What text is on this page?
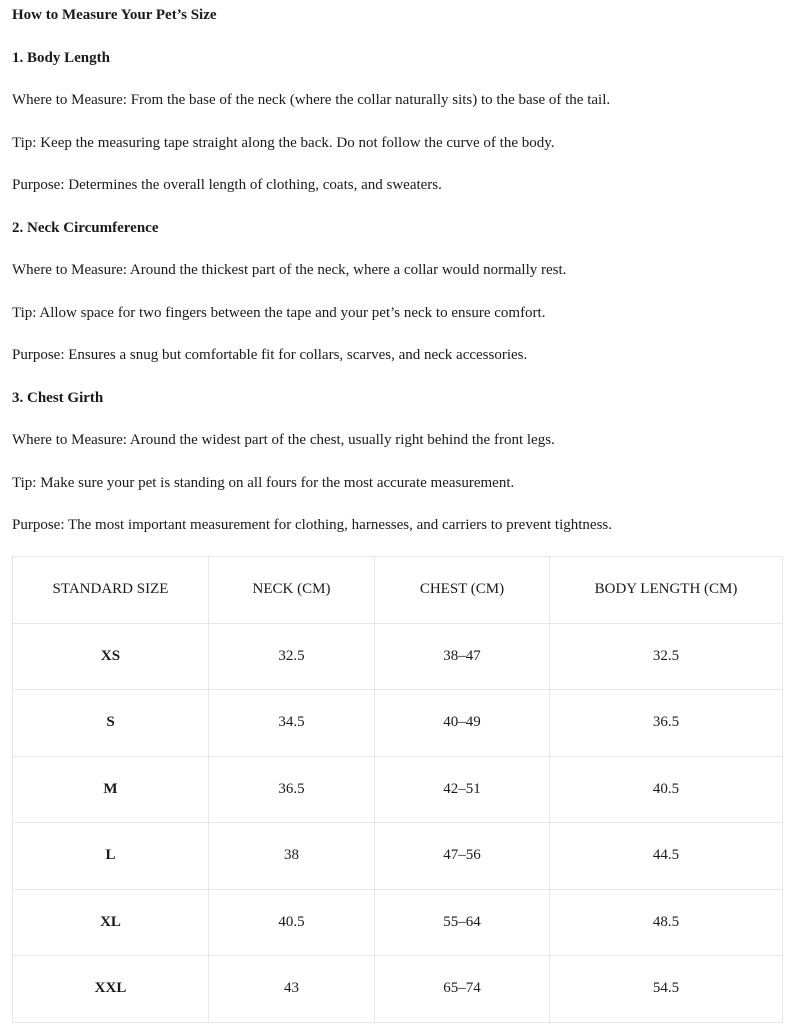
How to Measure Your Pet’s Size

1. Body Length

Where to Measure: From the base of the neck (where the collar naturally sits) to the base of the tail.

Tip: Keep the measuring tape straight along the back. Do not follow the curve of the body.

Purpose: Determines the overall length of clothing, coats, and sweaters.

2. Neck Circumference

Where to Measure: Around the thickest part of the neck, where a collar would normally rest.

Tip: Allow space for two fingers between the tape and your pet’s neck to ensure comfort.

Purpose: Ensures a snug but comfortable fit for collars, scarves, and neck accessories.

3. Chest Girth

Where to Measure: Around the widest part of the chest, usually right behind the front legs.

Tip: Make sure your pet is standing on all fours for the most accurate measurement.

Purpose: The most important measurement for clothing, harnesses, and carriers to prevent tightness.

STANDARD SIZE	NECK (CM)	CHEST (CM)	BODY LENGTH (CM)
XS	32.5	38–47	32.5
S	34.5	40–49	36.5
M	36.5	42–51	40.5
L	38	47–56	44.5
XL	40.5	55–64	48.5
XXL	43	65–74	54.5
